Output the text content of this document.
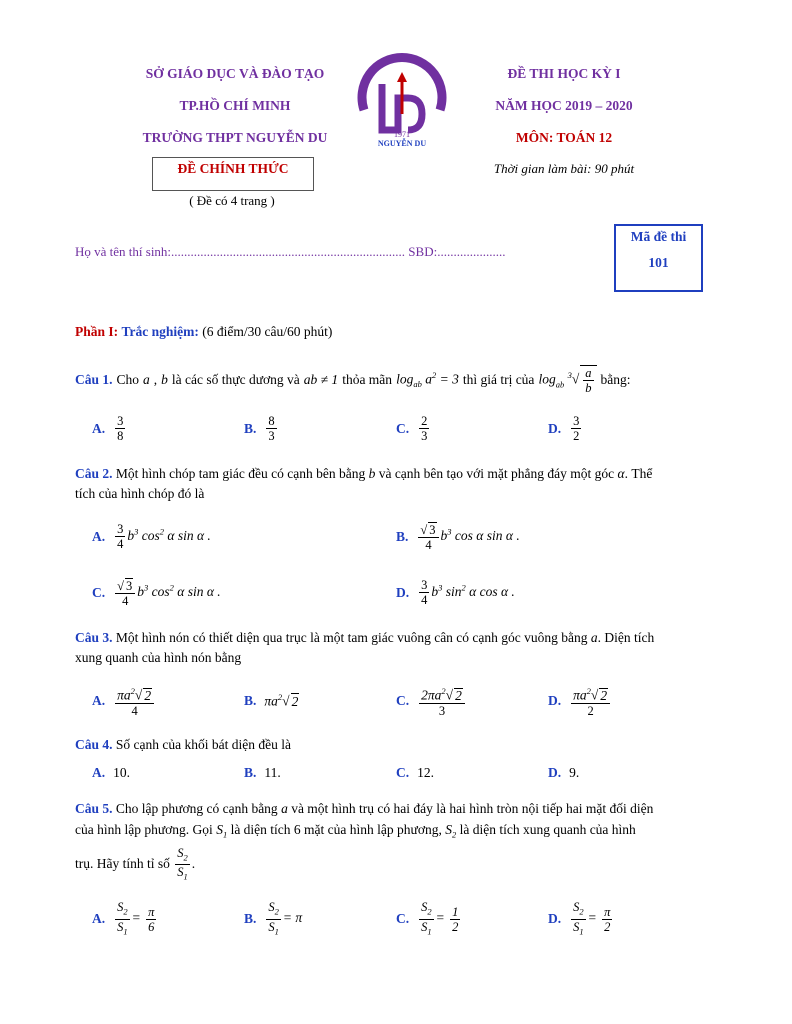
SỞ GIÁO DỤC VÀ ĐÀO TẠO
TP.HỒ CHÍ MINH
TRƯỜNG THPT NGUYỄN DU	1971
NGUYỄN DU
ĐỀ THI HỌC KỲ I
NĂM HỌC 2019 – 2020
MÔN: TOÁN 12
ĐỀ CHÍNH THỨC
( Đề có 4 trang )
Thời gian làm bài: 90 phút
Họ và tên thí sinh:........................................................................ SBD:.....................
Mã đề thi
101
Phần I: Trắc nghiệm: (6 điểm/30 câu/60 phút)
Câu 1. Cho a , b là các số thực dương và ab ≠ 1 thỏa mãn $\log_{ab} a^2 = 3$ thì giá trị của $\log_{ab} ^3√ \frac{a}{b}$ bằng:
A. $\frac{3}{8}$	B. $\frac{8}{3}$	C. $\frac{2}{3}$	D. $\frac{3}{2}$
Câu 2. Một hình chóp tam giác đều có cạnh bên bằng b và cạnh bên tạo với mặt phẳng đáy một góc α. Thể
tích của hình chóp đó là
A. $\frac{3}{4} b^3$ $\cos^2 \alpha$ sin α .	B. $\frac{√ 3}{4} b^3$ cos α sin α .
C. $\frac{√ 3}{4} b^3$ $\cos^2 \alpha$ sin α .	D. $\frac{3}{4} b^3$ $\sin^2 \alpha$ cos α .
Câu 3. Một hình nón có thiết diện qua trục là một tam giác vuông cân có cạnh góc vuông bằng a. Diện tích
xung quanh của hình nón bằng
A. $\frac{\pi a^2√ 2}{4}$	B. $\pi a^2√$ 2	C. $\frac{2\pi a^2√ 2}{3}$	D. $\frac{\pi a^2√ 2}{2}$
Câu 4. Số cạnh của khối bát diện đều là
A. 10.	B. 11.	C. 12.	D. 9.
Câu 5. Cho lập phương có cạnh bằng a và một hình trụ có hai đáy là hai hình tròn nội tiếp hai mặt đối diện
của hình lập phương. Gọi $S_1$ là diện tích 6 mặt của hình lập phương, $S_2$ là diện tích xung quanh của hình
trụ. Hãy tính tỉ số $\frac{S_2}{S_1}$ .
A. $\frac{S_2}{S_1} = \frac{\pi}{6}$	B. $\frac{S_2}{S_1} = \pi$	C. $\frac{S_2}{S_1} = \frac{1}{2}$	D. $\frac{S_2}{S_1} = \frac{\pi}{2}$
